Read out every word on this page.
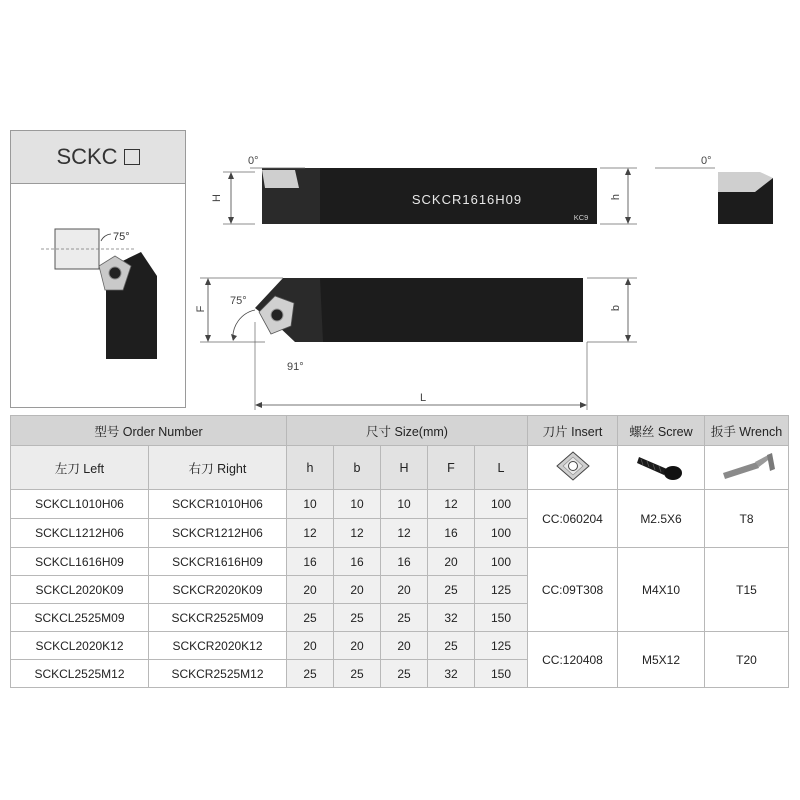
SCKC
75°
SCKCR1616H09
KC9
0°	0°
H	h
F
75°
91°
b
L
型号 Order Number		尺寸 Size(mm)					刀片 Insert	螺丝 Screw	扳手 Wrench
左刀 Left	右刀 Right	h	b	H	F	L			
SCKCL1010H06	SCKCR1010H06	10	10	10	12	100	CC:060204	M2.5X6	T8
SCKCL1212H06	SCKCR1212H06	12	12	12	16	100			
SCKCL1616H09	SCKCR1616H09	16	16	16	20	100	CC:09T308	M4X10	T15
SCKCL2020K09	SCKCR2020K09	20	20	20	25	125			
SCKCL2525M09	SCKCR2525M09	25	25	25	32	150			
SCKCL2020K12	SCKCR2020K12	20	20	20	25	125	CC:120408	M5X12	T20
SCKCL2525M12	SCKCR2525M12	25	25	25	32	150			
